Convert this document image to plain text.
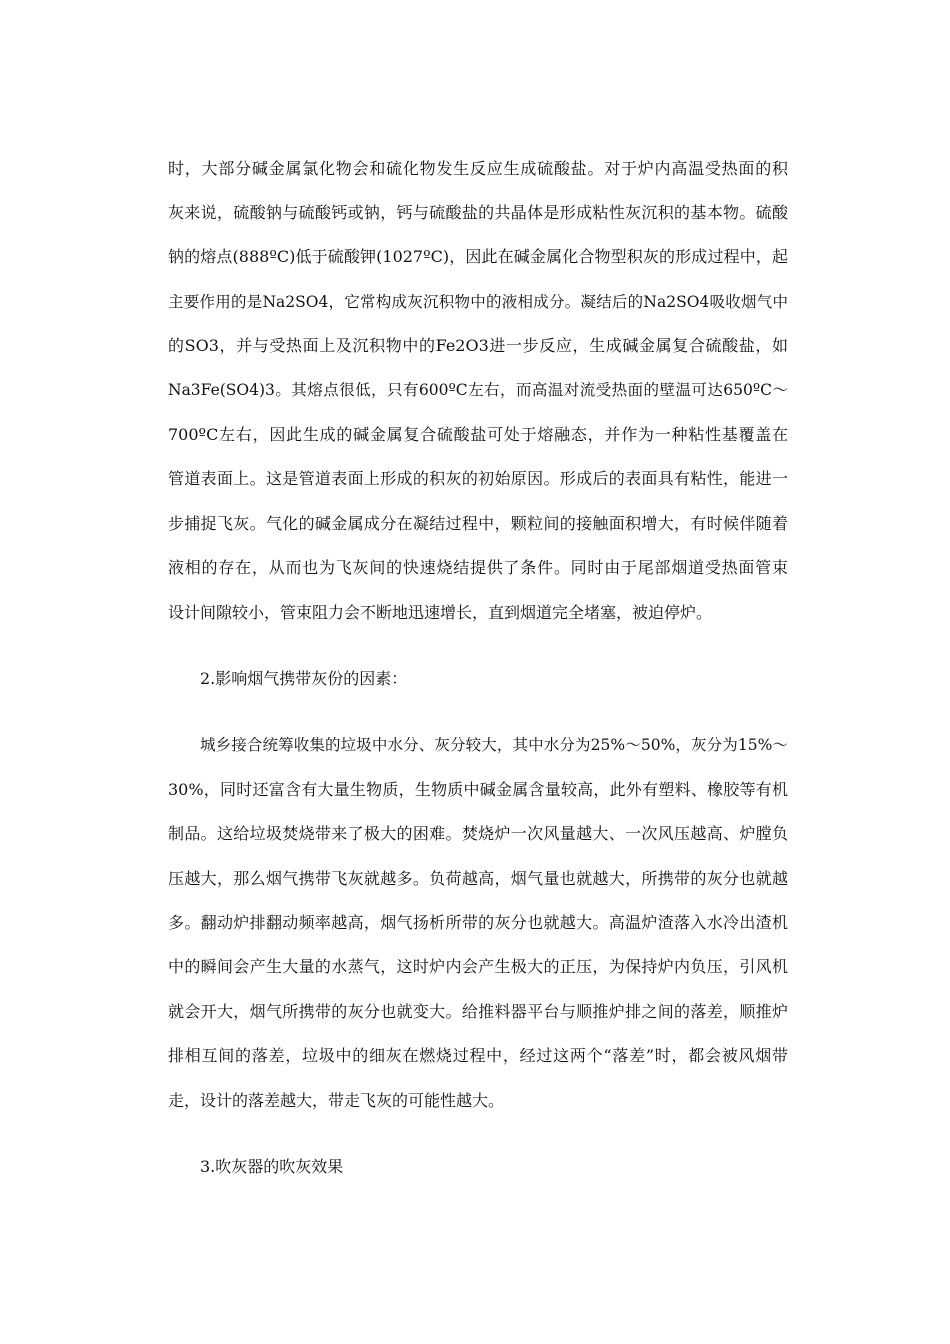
时，大部分碱金属氯化物会和硫化物发生反应生成硫酸盐。对于炉内高温受热面的积
灰来说，硫酸钠与硫酸钙或钠，钙与硫酸盐的共晶体是形成粘性灰沉积的基本物。硫酸
钠的熔点(888ºC)低于硫酸钾(1027ºC)，因此在碱金属化合物型积灰的形成过程中，起
主要作用的是Na2SO4，它常构成灰沉积物中的液相成分。凝结后的Na2SO4吸收烟气中
的SO3，并与受热面上及沉积物中的Fe2O3进一步反应，生成碱金属复合硫酸盐，如
Na3Fe(SO4)3。其熔点很低，只有600ºC左右，而高温对流受热面的壁温可达650ºC～
700ºC左右，因此生成的碱金属复合硫酸盐可处于熔融态，并作为一种粘性基覆盖在
管道表面上。这是管道表面上形成的积灰的初始原因。形成后的表面具有粘性，能进一
步捕捉飞灰。气化的碱金属成分在凝结过程中，颗粒间的接触面积增大，有时候伴随着
液相的存在，从而也为飞灰间的快速烧结提供了条件。同时由于尾部烟道受热面管束
设计间隙较小，管束阻力会不断地迅速增长，直到烟道完全堵塞，被迫停炉。
2.影响烟气携带灰份的因素：
城乡接合统筹收集的垃圾中水分、灰分较大，其中水分为25%～50%，灰分为15%～
30%，同时还富含有大量生物质，生物质中碱金属含量较高，此外有塑料、橡胶等有机
制品。这给垃圾焚烧带来了极大的困难。焚烧炉一次风量越大、一次风压越高、炉膛负
压越大，那么烟气携带飞灰就越多。负荷越高，烟气量也就越大，所携带的灰分也就越
多。翻动炉排翻动频率越高，烟气扬析所带的灰分也就越大。高温炉渣落入水冷出渣机
中的瞬间会产生大量的水蒸气，这时炉内会产生极大的正压，为保持炉内负压，引风机
就会开大，烟气所携带的灰分也就变大。给推料器平台与顺推炉排之间的落差，顺推炉
排相互间的落差，垃圾中的细灰在燃烧过程中，经过这两个“落差”时，都会被风烟带
走，设计的落差越大，带走飞灰的可能性越大。
3.吹灰器的吹灰效果
